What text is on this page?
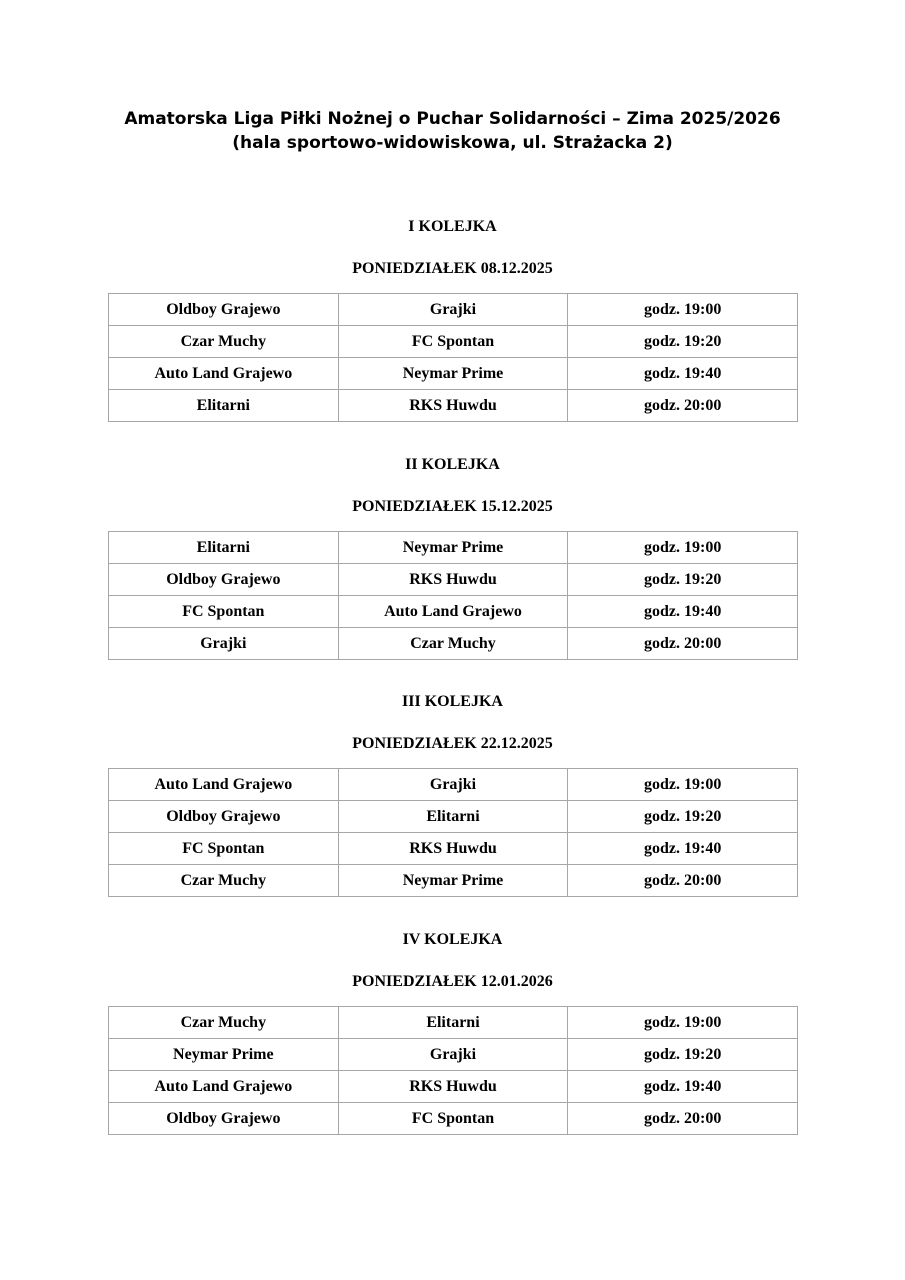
Amatorska Liga Piłki Nożnej o Puchar Solidarności – Zima 2025/2026
(hala sportowo-widowiskowa, ul. Strażacka 2)
I KOLEJKA
PONIEDZIAŁEK 08.12.2025
Oldboy Grajewo	Grajki	godz. 19:00
Czar Muchy	FC Spontan	godz. 19:20
Auto Land Grajewo	Neymar Prime	godz. 19:40
Elitarni	RKS Huwdu	godz. 20:00
II KOLEJKA
PONIEDZIAŁEK 15.12.2025
Elitarni	Neymar Prime	godz. 19:00
Oldboy Grajewo	RKS Huwdu	godz. 19:20
FC Spontan	Auto Land Grajewo	godz. 19:40
Grajki	Czar Muchy	godz. 20:00
III KOLEJKA
PONIEDZIAŁEK 22.12.2025
Auto Land Grajewo	Grajki	godz. 19:00
Oldboy Grajewo	Elitarni	godz. 19:20
FC Spontan	RKS Huwdu	godz. 19:40
Czar Muchy	Neymar Prime	godz. 20:00
IV KOLEJKA
PONIEDZIAŁEK 12.01.2026
Czar Muchy	Elitarni	godz. 19:00
Neymar Prime	Grajki	godz. 19:20
Auto Land Grajewo	RKS Huwdu	godz. 19:40
Oldboy Grajewo	FC Spontan	godz. 20:00
